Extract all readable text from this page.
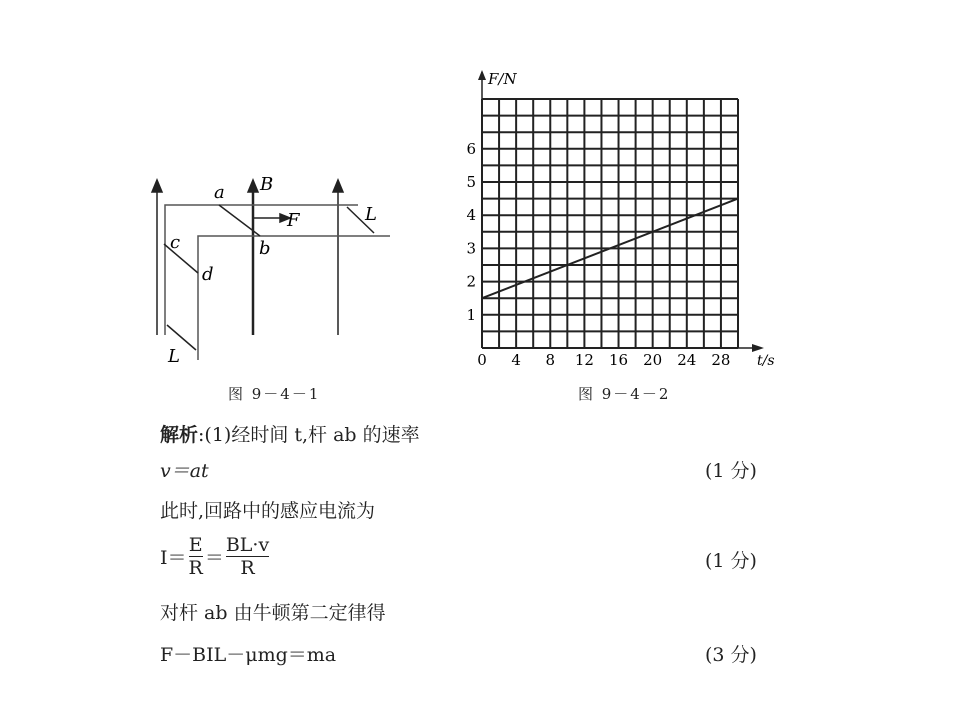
a
b
c
d
B
F	L
L
图 9－4－1
0 4 8 12 16 20 24 28
1
2
3
4
5
6
F/N
t/s
图 9－4－2
解析:(1)经时间 t,杆 ab 的速率
v＝at	(1 分)
此时,回路中的感应电流为
$I= \frac{E}{R} = \frac{BL\cdot v}{R}$	(1 分)
对杆 ab 由牛顿第二定律得
F－BIL－μmg＝ma	(3 分)
